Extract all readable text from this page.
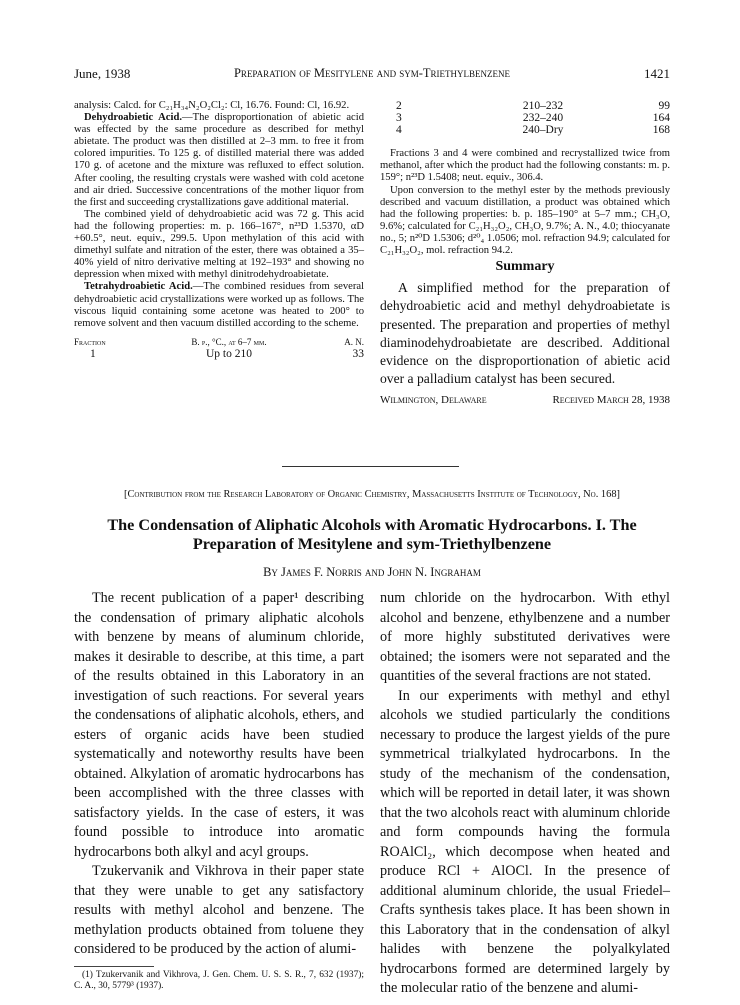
June, 1938	Preparation of Mesitylene and sym-Triethylbenzene	1421

analysis: Calcd. for C₂₁H₃₄N₂O₂Cl₂: Cl, 16.76. Found: Cl, 16.92.

Dehydroabietic Acid.—The disproportionation of abietic acid was effected by the same procedure as described for methyl abietate. The product was then distilled at 2–3 mm. to free it from colored impurities. To 125 g. of distilled material there was added 170 g. of acetone and the mixture was refluxed to effect solution. After cooling, the resulting crystals were washed with cold acetone and air dried. Successive concentrations of the mother liquor from the first and succeeding crystallizations gave additional material.

The combined yield of dehydroabietic acid was 72 g. This acid had the following properties: m. p. 166–167°, n²³D 1.5370, αD +60.5°, neut. equiv., 299.5. Upon methylation of this acid with dimethyl sulfate and nitration of the ester, there was obtained a 35–40% yield of nitro derivative melting at 192–193° and showing no depression when mixed with methyl dinitrodehydroabietate.

Tetrahydroabietic Acid.—The combined residues from several dehydroabietic acid crystallizations were worked up as follows. The viscous liquid containing some acetone was heated to 200° to remove solvent and then vacuum distilled according to the scheme.

Fraction	B. p., °C., at 6–7 mm.	A. N.
1	Up to 210	33
2	210–232	99
3	232–240	164
4	240–Dry	168

Fractions 3 and 4 were combined and recrystallized twice from methanol, after which the product had the following constants: m. p. 159°; n²³D 1.5408; neut. equiv., 306.4.

Upon conversion to the methyl ester by the methods previously described and vacuum distillation, a product was obtained which had the following properties: b. p. 185–190° at 5–7 mm.; CH₃O, 9.6%; calculated for C₂₁H₃₂O₂, CH₃O, 9.7%; A. N., 4.0; thiocyanate no., 5; n²⁰D 1.5306; d²⁰₄ 1.0506; mol. refraction 94.9; calculated for C₂₁H₃₂O₂, mol. refraction 94.2.

Summary

A simplified method for the preparation of dehydroabietic acid and methyl dehydroabietate is presented. The preparation and properties of methyl diaminodehydroabietate are described. Additional evidence on the disproportionation of abietic acid over a palladium catalyst has been secured.

Wilmington, Delaware	Received March 28, 1938
[Contribution from the Research Laboratory of Organic Chemistry, Massachusetts Institute of Technology, No. 168]
The Condensation of Aliphatic Alcohols with Aromatic Hydrocarbons. I. The
Preparation of Mesitylene and sym-Triethylbenzene
By James F. Norris and John N. Ingraham

The recent publication of a paper¹ describing the condensation of primary aliphatic alcohols with benzene by means of aluminum chloride, makes it desirable to describe, at this time, a part of the results obtained in this Laboratory in an investigation of such reactions. For several years the condensations of aliphatic alcohols, ethers, and esters of organic acids have been studied systematically and noteworthy results have been obtained. Alkylation of aromatic hydrocarbons has been accomplished with the three classes with satisfactory yields. In the case of esters, it was found possible to introduce into aromatic hydrocarbons both alkyl and acyl groups.

Tzukervanik and Vikhrova in their paper state that they were unable to get any satisfactory results with methyl alcohol and benzene. The methylation products obtained from toluene they considered to be produced by the action of alumi-

(1) Tzukervanik and Vikhrova, J. Gen. Chem. U. S. S. R., 7, 632 (1937); C. A., 30, 5779³ (1937).

num chloride on the hydrocarbon. With ethyl alcohol and benzene, ethylbenzene and a number of more highly substituted derivatives were obtained; the isomers were not separated and the quantities of the several fractions are not stated.

In our experiments with methyl and ethyl alcohols we studied particularly the conditions necessary to produce the largest yields of the pure symmetrical trialkylated hydrocarbons. In the study of the mechanism of the condensation, which will be reported in detail later, it was shown that the two alcohols react with aluminum chloride and form compounds having the formula ROAlCl₂, which decompose when heated and produce RCl + AlOCl. In the presence of additional aluminum chloride, the usual Friedel–Crafts synthesis takes place. It has been shown in this Laboratory that in the condensation of alkyl halides with benzene the polyalkylated hydrocarbons formed are determined largely by the molecular ratio of the benzene and alumi-
